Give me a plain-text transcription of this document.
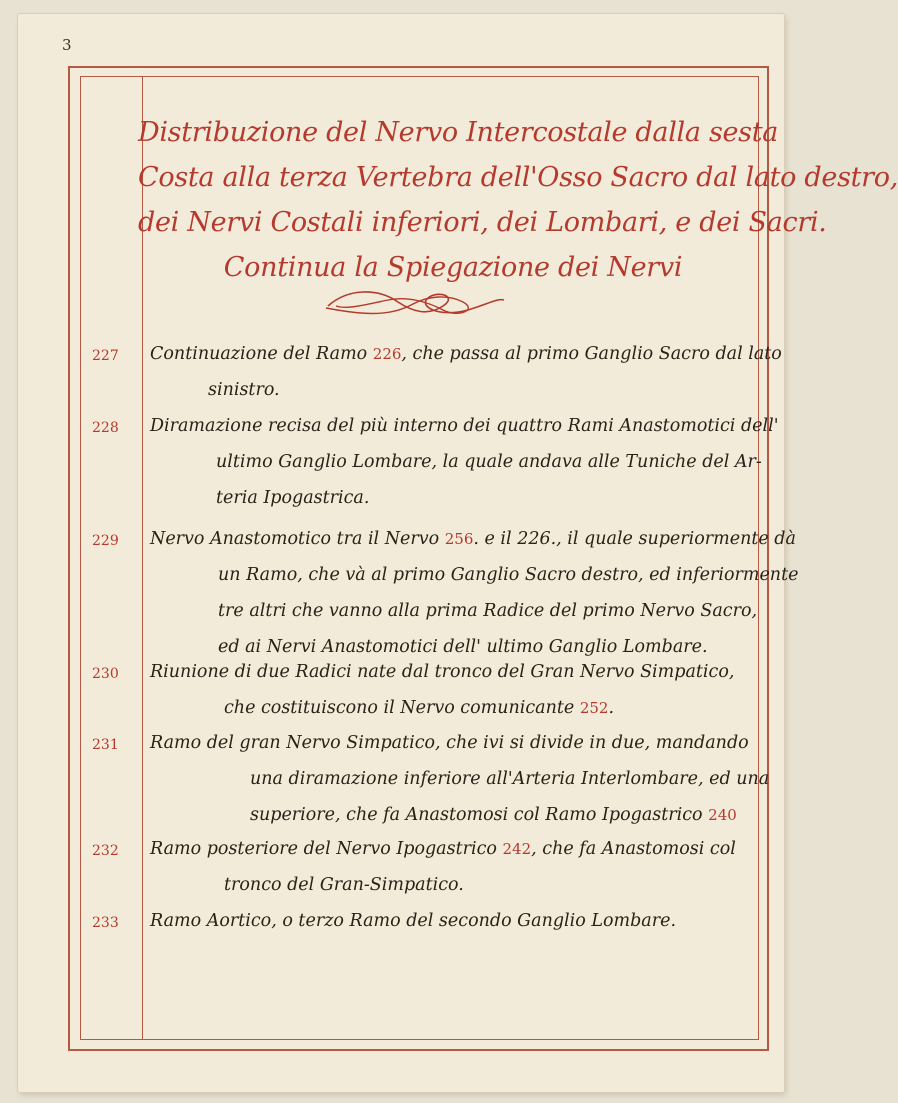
3
Distribuzione del Nervo Intercostale dalla sesta
Costa alla terza Vertebra dell'Osso Sacro dal lato destro,
dei Nervi Costali inferiori, dei Lombari, e dei Sacri.
Continua la Spiegazione dei Nervi
227	Continuazione del Ramo 226, che passa al primo Ganglio Sacro dal lato
sinistro.
228	Diramazione recisa del più interno dei quattro Rami Anastomotici dell'
ultimo Ganglio Lombare, la quale andava alle Tuniche del Ar-
teria Ipogastrica.
229	Nervo Anastomotico tra il Nervo 256. e il 226., il quale superiormente dà
un Ramo, che và al primo Ganglio Sacro destro, ed inferiormente
tre altri che vanno alla prima Radice del primo Nervo Sacro,
ed ai Nervi Anastomotici dell' ultimo Ganglio Lombare.
230	Riunione di due Radici nate dal tronco del Gran Nervo Simpatico,
che costituiscono il Nervo comunicante 252.
231	Ramo del gran Nervo Simpatico, che ivi si divide in due, mandando
una diramazione inferiore all'Arteria Interlombare, ed una
superiore, che fa Anastomosi col Ramo Ipogastrico 240
232	Ramo posteriore del Nervo Ipogastrico 242, che fa Anastomosi col
tronco del Gran-Simpatico.
233	Ramo Aortico, o terzo Ramo del secondo Ganglio Lombare.
